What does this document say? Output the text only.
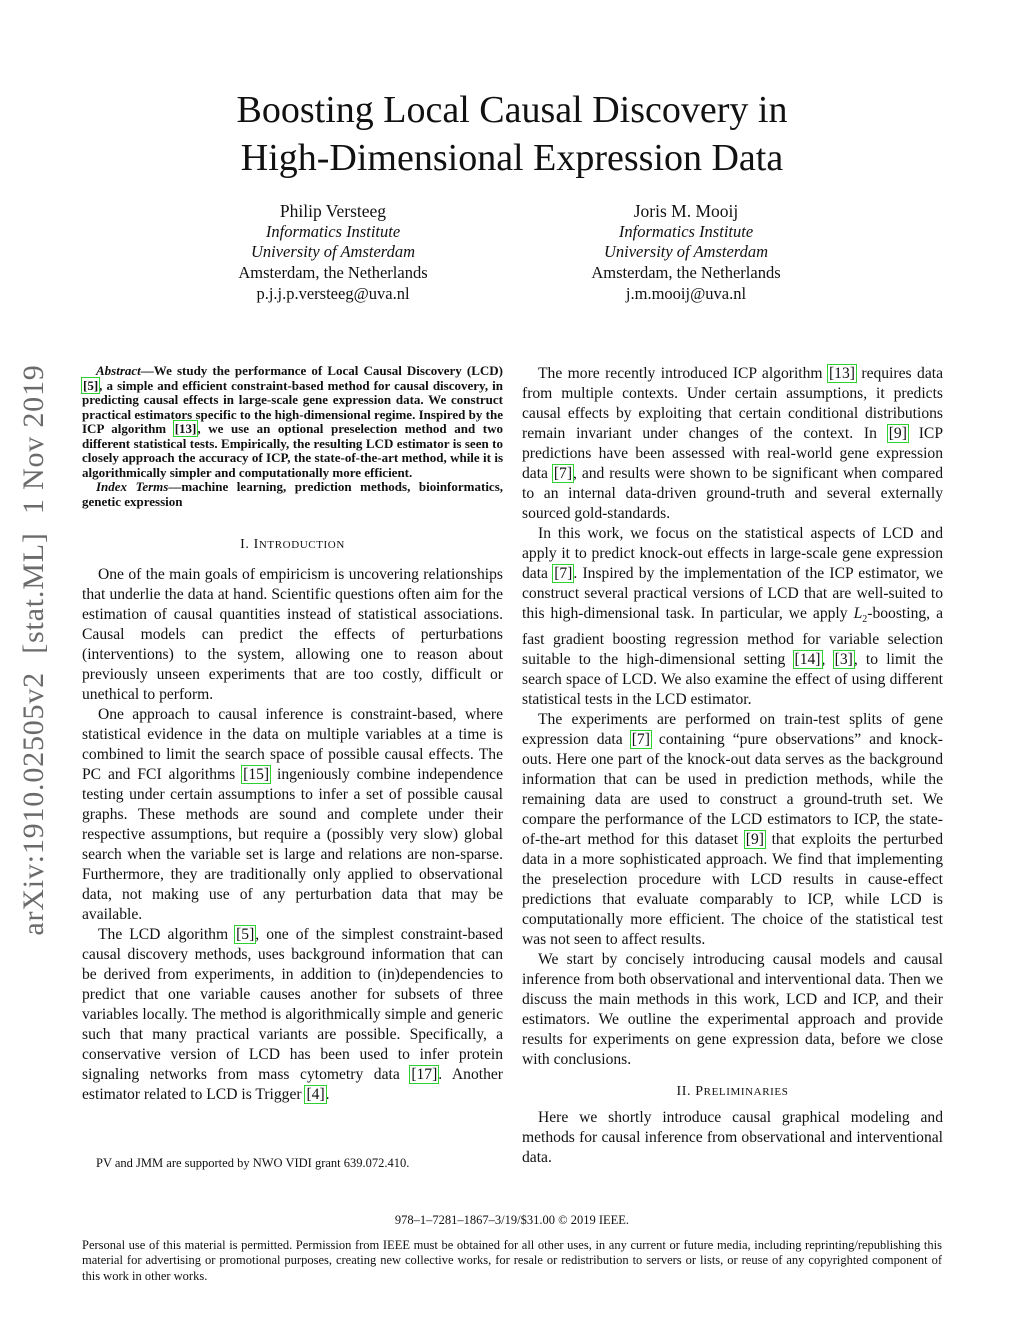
Boosting Local Causal Discovery in
High-Dimensional Expression Data
Philip Versteeg
Informatics Institute
University of Amsterdam
Amsterdam, the Netherlands
p.j.j.p.versteeg@uva.nl
Joris M. Mooij
Informatics Institute
University of Amsterdam
Amsterdam, the Netherlands
j.m.mooij@uva.nl
arXiv:1910.02505v2 [stat.ML] 1 Nov 2019	Abstract—We study the performance of Local Causal Discovery (LCD) [5], a simple and efficient constraint-based method for causal discovery, in predicting causal effects in large-scale gene expression data. We construct practical estimators specific to the high-dimensional regime. Inspired by the ICP algorithm [13], we use an optional preselection method and two different statistical tests. Empirically, the resulting LCD estimator is seen to closely approach the accuracy of ICP, the state-of-the-art method, while it is algorithmically simpler and computationally more efficient.

Index Terms—machine learning, prediction methods, bioinformatics, genetic expression

I. INTRODUCTION

One of the main goals of empiricism is uncovering relationships that underlie the data at hand. Scientific questions often aim for the estimation of causal quantities instead of statistical associations. Causal models can predict the effects of perturbations (interventions) to the system, allowing one to reason about previously unseen experiments that are too costly, difficult or unethical to perform.

One approach to causal inference is constraint-based, where statistical evidence in the data on multiple variables at a time is combined to limit the search space of possible causal effects. The PC and FCI algorithms [15] ingeniously combine independence testing under certain assumptions to infer a set of possible causal graphs. These methods are sound and complete under their respective assumptions, but require a (possibly very slow) global search when the variable set is large and relations are non-sparse. Furthermore, they are traditionally only applied to observational data, not making use of any perturbation data that may be available.

The LCD algorithm [5], one of the simplest constraint-based causal discovery methods, uses background information that can be derived from experiments, in addition to (in)dependencies to predict that one variable causes another for subsets of three variables locally. The method is algorithmically simple and generic such that many practical variants are possible. Specifically, a conservative version of LCD has been used to infer protein signaling networks from mass cytometry data [17]. Another estimator related to LCD is Trigger [4].

PV and JMM are supported by NWO VIDI grant 639.072.410.

The more recently introduced ICP algorithm [13] requires data from multiple contexts. Under certain assumptions, it predicts causal effects by exploiting that certain conditional distributions remain invariant under changes of the context. In [9] ICP predictions have been assessed with real-world gene expression data [7], and results were shown to be significant when compared to an internal data-driven ground-truth and several externally sourced gold-standards.

In this work, we focus on the statistical aspects of LCD and apply it to predict knock-out effects in large-scale gene expression data [7]. Inspired by the implementation of the ICP estimator, we construct several practical versions of LCD that are well-suited to this high-dimensional task. In particular, we apply $L_2$-boosting, a fast gradient boosting regression method for variable selection suitable to the high-dimensional setting [14], [3], to limit the search space of LCD. We also examine the effect of using different statistical tests in the LCD estimator.

The experiments are performed on train-test splits of gene expression data [7] containing “pure observations” and knock-outs. Here one part of the knock-out data serves as the background information that can be used in prediction methods, while the remaining data are used to construct a ground-truth set. We compare the performance of the LCD estimators to ICP, the state-of-the-art method for this dataset [9] that exploits the perturbed data in a more sophisticated approach. We find that implementing the preselection procedure with LCD results in cause-effect predictions that evaluate comparably to ICP, while LCD is computationally more efficient. The choice of the statistical test was not seen to affect results.

We start by concisely introducing causal models and causal inference from both observational and interventional data. Then we discuss the main methods in this work, LCD and ICP, and their estimators. We outline the experimental approach and provide results for experiments on gene expression data, before we close with conclusions.

II. PRELIMINARIES

Here we shortly introduce causal graphical modeling and methods for causal inference from observational and interventional data.

978–1–7281–1867–3/19/$31.00 © 2019 IEEE.
Personal use of this material is permitted. Permission from IEEE must be obtained for all other uses, in any current or future media, including reprinting/republishing this material for advertising or promotional purposes, creating new collective works, for resale or redistribution to servers or lists, or reuse of any copyrighted component of this work in other works.
